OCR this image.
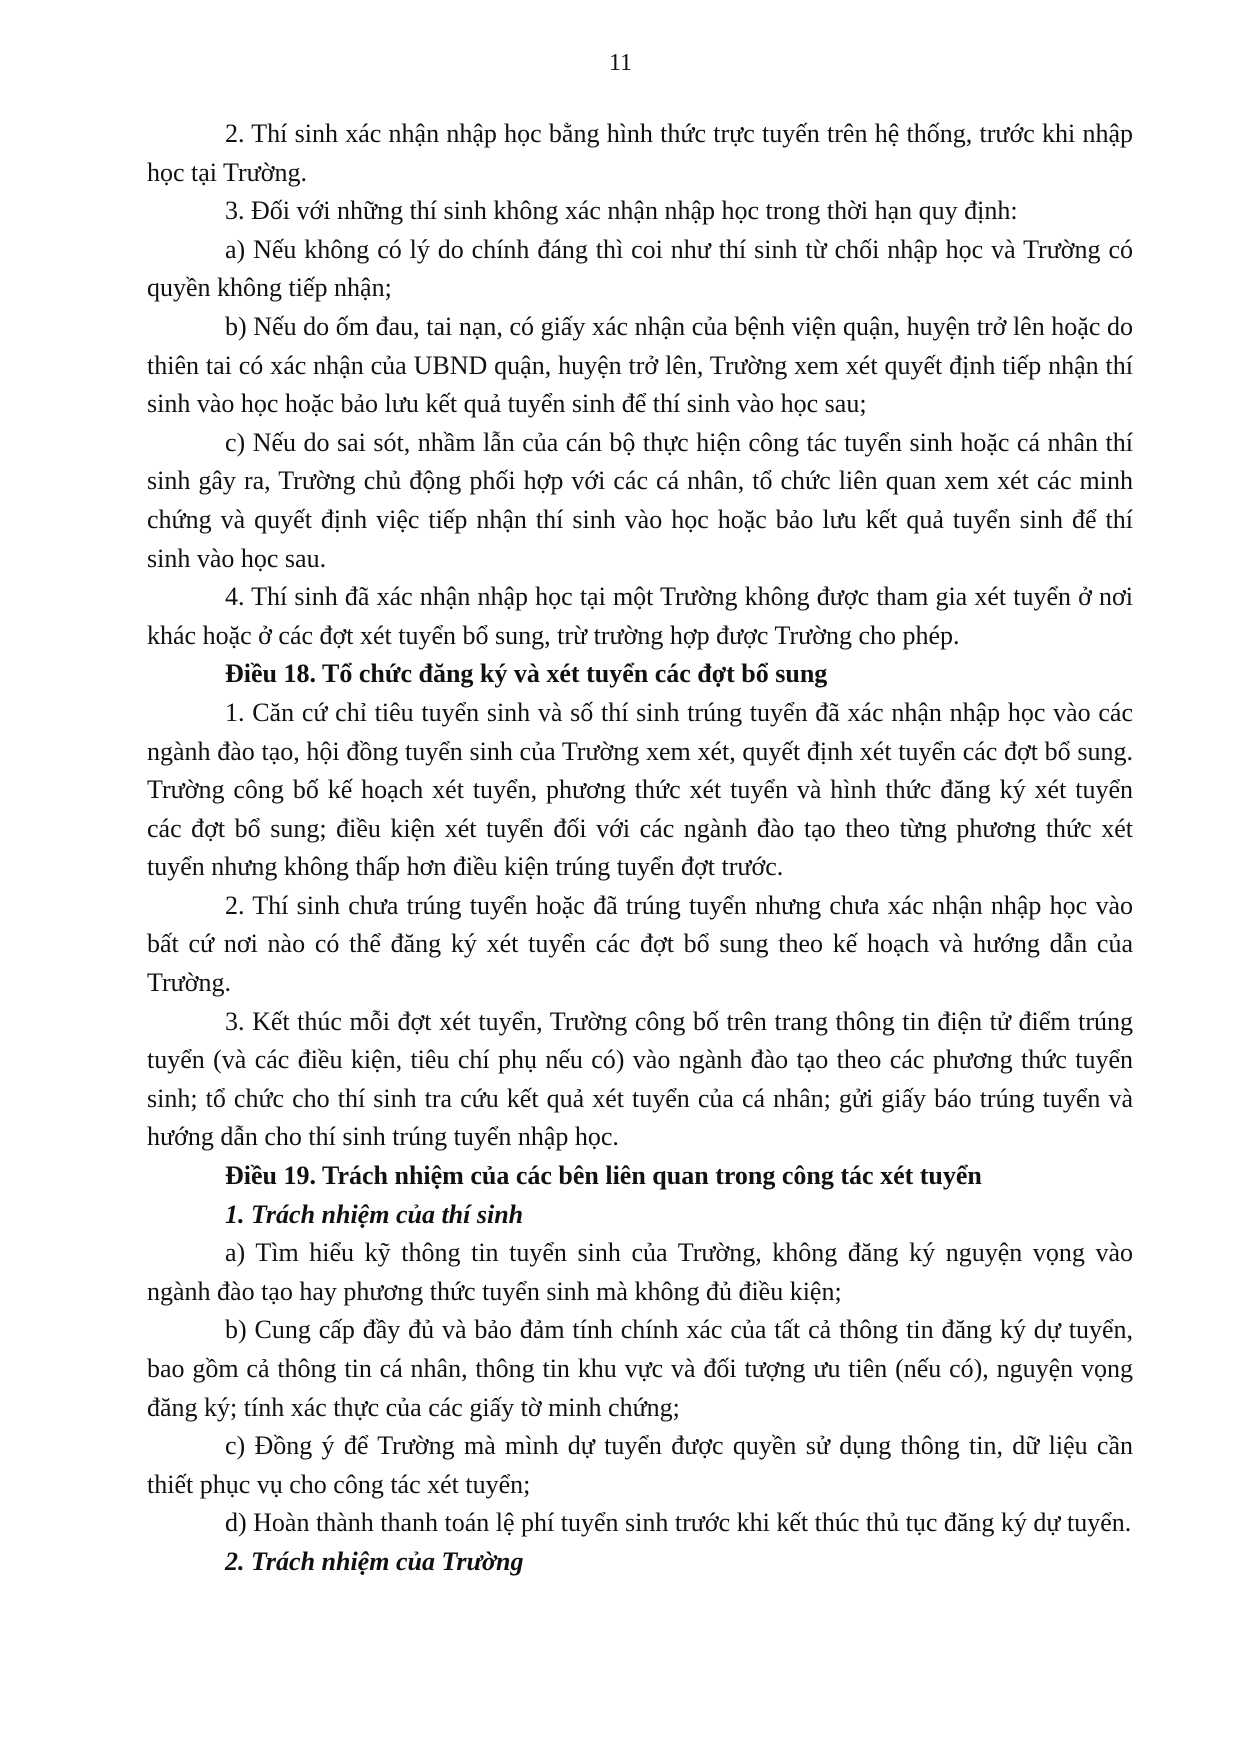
11

2. Thí sinh xác nhận nhập học bằng hình thức trực tuyến trên hệ thống, trước khi nhập học tại Trường.

3. Đối với những thí sinh không xác nhận nhập học trong thời hạn quy định:

a) Nếu không có lý do chính đáng thì coi như thí sinh từ chối nhập học và Trường có quyền không tiếp nhận;

b) Nếu do ốm đau, tai nạn, có giấy xác nhận của bệnh viện quận, huyện trở lên hoặc do thiên tai có xác nhận của UBND quận, huyện trở lên, Trường xem xét quyết định tiếp nhận thí sinh vào học hoặc bảo lưu kết quả tuyển sinh để thí sinh vào học sau;

c) Nếu do sai sót, nhầm lẫn của cán bộ thực hiện công tác tuyển sinh hoặc cá nhân thí sinh gây ra, Trường chủ động phối hợp với các cá nhân, tổ chức liên quan xem xét các minh chứng và quyết định việc tiếp nhận thí sinh vào học hoặc bảo lưu kết quả tuyển sinh để thí sinh vào học sau.

4. Thí sinh đã xác nhận nhập học tại một Trường không được tham gia xét tuyển ở nơi khác hoặc ở các đợt xét tuyển bổ sung, trừ trường hợp được Trường cho phép.

Điều 18. Tổ chức đăng ký và xét tuyển các đợt bổ sung

1. Căn cứ chỉ tiêu tuyển sinh và số thí sinh trúng tuyển đã xác nhận nhập học vào các ngành đào tạo, hội đồng tuyển sinh của Trường xem xét, quyết định xét tuyển các đợt bổ sung. Trường công bố kế hoạch xét tuyển, phương thức xét tuyển và hình thức đăng ký xét tuyển các đợt bổ sung; điều kiện xét tuyển đối với các ngành đào tạo theo từng phương thức xét tuyển nhưng không thấp hơn điều kiện trúng tuyển đợt trước.

2. Thí sinh chưa trúng tuyển hoặc đã trúng tuyển nhưng chưa xác nhận nhập học vào bất cứ nơi nào có thể đăng ký xét tuyển các đợt bổ sung theo kế hoạch và hướng dẫn của Trường.

3. Kết thúc mỗi đợt xét tuyển, Trường công bố trên trang thông tin điện tử điểm trúng tuyển (và các điều kiện, tiêu chí phụ nếu có) vào ngành đào tạo theo các phương thức tuyển sinh; tổ chức cho thí sinh tra cứu kết quả xét tuyển của cá nhân; gửi giấy báo trúng tuyển và hướng dẫn cho thí sinh trúng tuyển nhập học.

Điều 19. Trách nhiệm của các bên liên quan trong công tác xét tuyển

1. Trách nhiệm của thí sinh

a) Tìm hiểu kỹ thông tin tuyển sinh của Trường, không đăng ký nguyện vọng vào ngành đào tạo hay phương thức tuyển sinh mà không đủ điều kiện;

b) Cung cấp đầy đủ và bảo đảm tính chính xác của tất cả thông tin đăng ký dự tuyển, bao gồm cả thông tin cá nhân, thông tin khu vực và đối tượng ưu tiên (nếu có), nguyện vọng đăng ký; tính xác thực của các giấy tờ minh chứng;

c) Đồng ý để Trường mà mình dự tuyển được quyền sử dụng thông tin, dữ liệu cần thiết phục vụ cho công tác xét tuyển;

d) Hoàn thành thanh toán lệ phí tuyển sinh trước khi kết thúc thủ tục đăng ký dự tuyển.

2. Trách nhiệm của Trường
